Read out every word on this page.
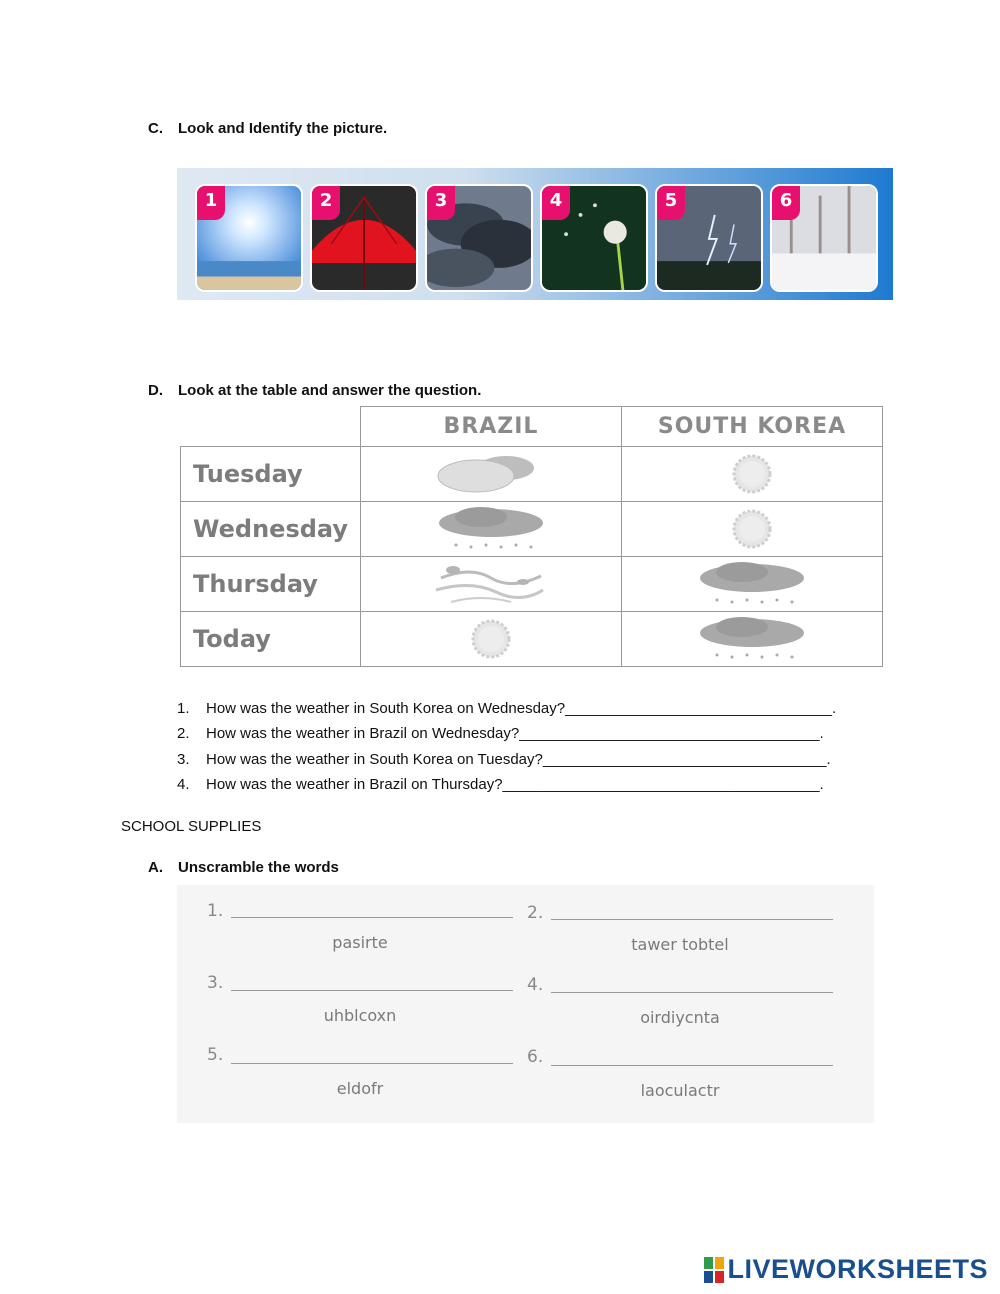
C. Look and Identify the picture.
1	2	3	4	5	6
D. Look at the table and answer the question.
	BRAZIL	SOUTH KOREA
Tuesday		
Wednesday		
Thursday		
Today		
1. How was the weather in South Korea on Wednesday?________________________________.
2. How was the weather in Brazil on Wednesday?____________________________________.
3. How was the weather in South Korea on Tuesday?__________________________________.
4. How was the weather in Brazil on Thursday?______________________________________.
SCHOOL SUPPLIES
A. Unscramble the words
1.
pasirte
2.
tawer tobtel
3.
uhblcoxn
4.
oirdiycnta
5.
eldofr
6.
laoculactr
LIVEWORKSHEETS
